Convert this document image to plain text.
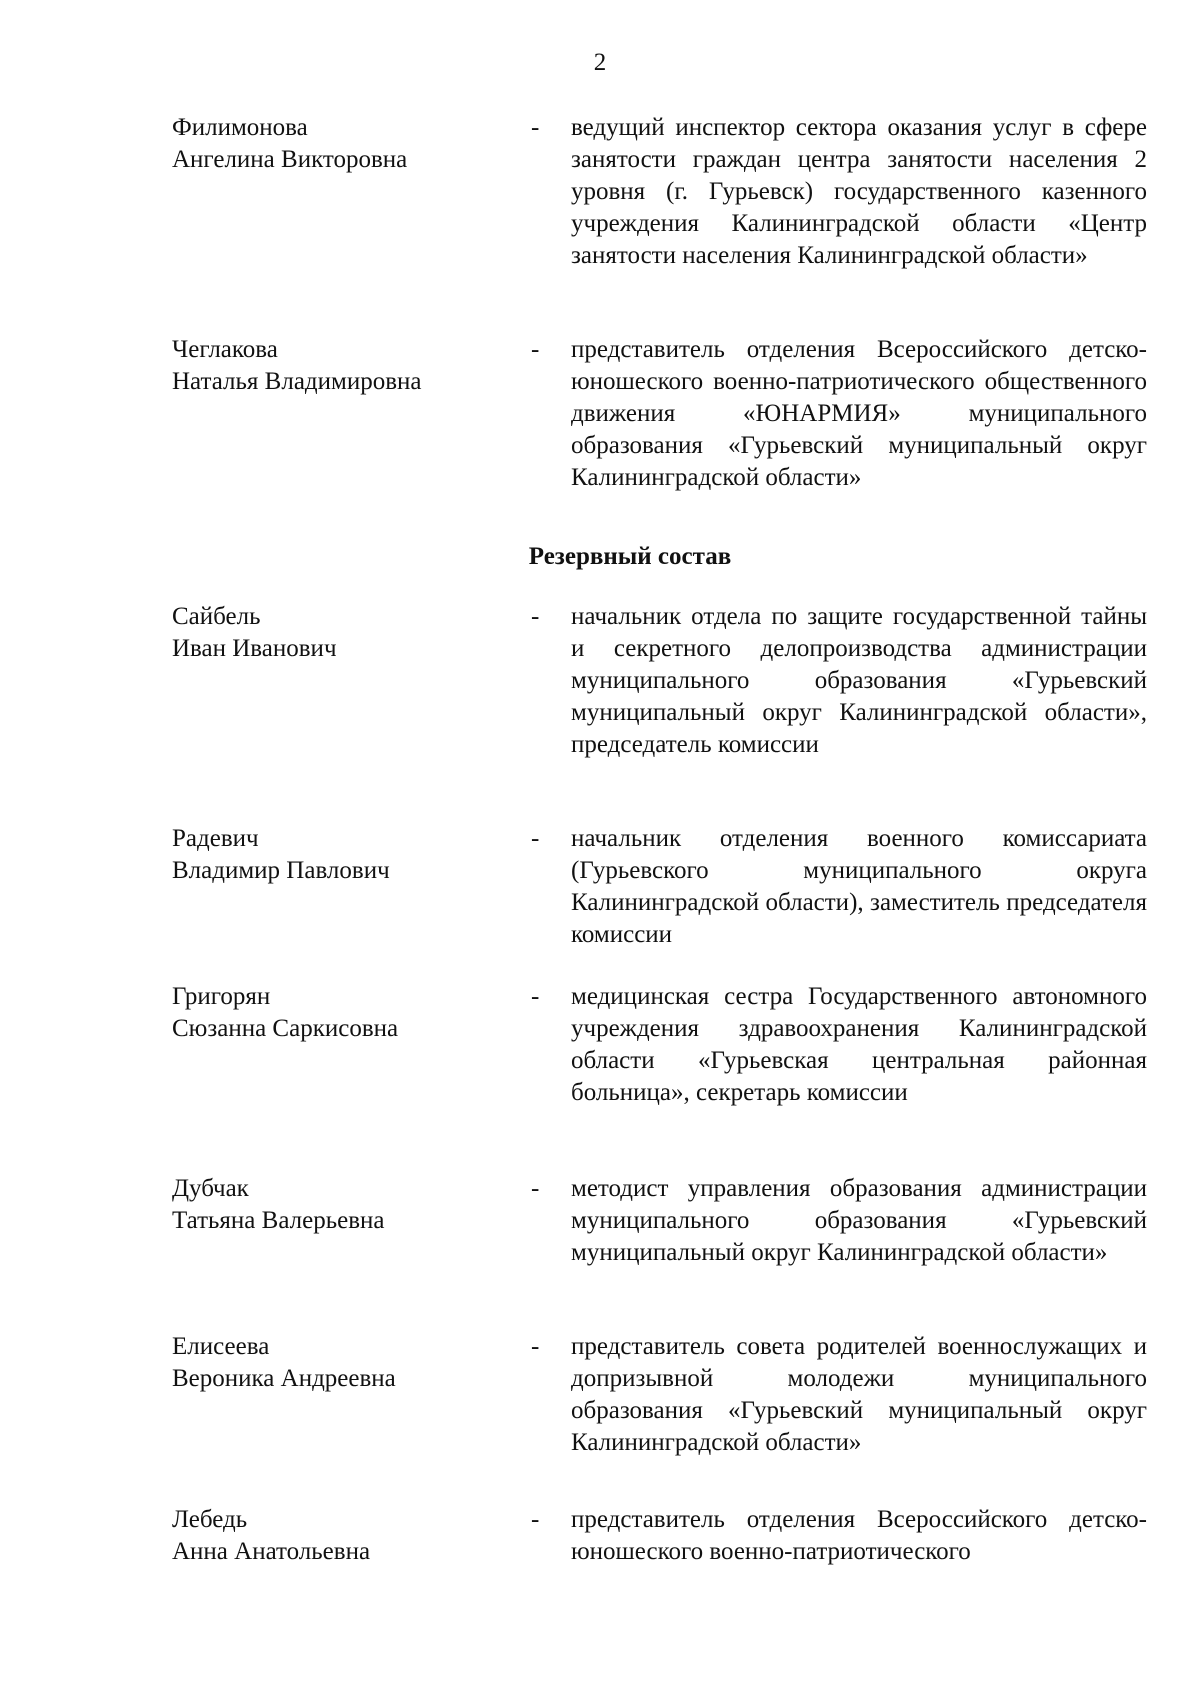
2
Филимонова
Ангелина Викторовна
- ведущий инспектор сектора оказания услуг в сфере занятости граждан центра занятости населения 2 уровня (г. Гурьевск) государственного казенного учреждения Калининградской области «Центр занятости населения Калининградской области»
Чеглакова
Наталья Владимировна
- представитель отделения Всероссийского детско-юношеского военно-патриотического общественного движения «ЮНАРМИЯ» муниципального образования «Гурьевский муниципальный округ Калининградской области»
Резервный состав
Сайбель
Иван Иванович
- начальник отдела по защите государственной тайны и секретного делопроизводства администрации муниципального образования «Гурьевский муниципальный округ Калининградской области», председатель комиссии
Радевич
Владимир Павлович
- начальник отделения военного комиссариата (Гурьевского муниципального округа Калининградской области), заместитель председателя комиссии
Григорян
Сюзанна Саркисовна
- медицинская сестра Государственного автономного учреждения здравоохранения Калининградской области «Гурьевская центральная районная больница», секретарь комиссии
Дубчак
Татьяна Валерьевна
- методист управления образования администрации муниципального образования «Гурьевский муниципальный округ Калининградской области»
Елисеева
Вероника Андреевна
- представитель совета родителей военнослужащих и допризывной молодежи муниципального образования «Гурьевский муниципальный округ Калининградской области»
Лебедь
Анна Анатольевна
- представитель отделения Всероссийского детско-юношеского военно-патриотического
